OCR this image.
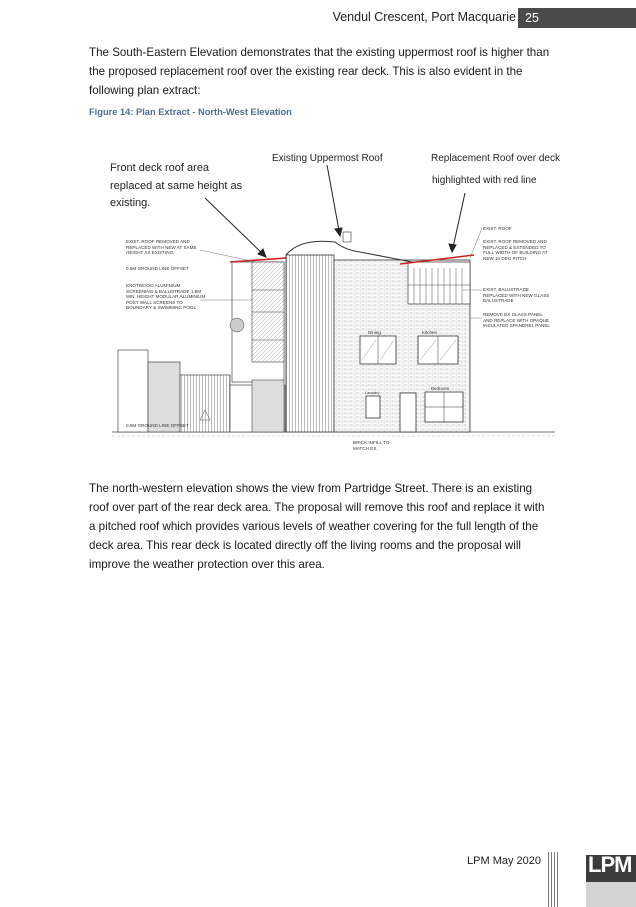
Vendul Crescent, Port Macquarie 25

The South-Eastern Elevation demonstrates that the existing uppermost roof is higher than the proposed replacement roof over the existing rear deck. This is also evident in the following plan extract:

Figure 14: Plan Extract - North-West Elevation
Dining	Kitchen
Laundry
Bedroom
Front deck roof area replaced at same height as existing.
Existing Uppermost Roof	Replacement Roof over deck
highlighted with red line
EXIST. ROOF REMOVED AND REPLACED WITH NEW AT SAME HEIGHT AS EXISTING.
0.5M GROUND LINE OFFSET
KNOTWOOD ALUMINIUM SCREENING & BALUSTRADE 1.8M MIN. HEIGHT MODULAR ALUMINIUM POST WALL SCREENS TO BOUNDARY & SWIMMING POOL
0.5M GROUND LINE OFFSET
EXIST. ROOF
EXIST. ROOF REMOVED AND REPLACED & EXTENDED TO FULL WIDTH OF BUILDING AT NEW 10 DEG PITCH
EXIST. BALUSTRADE REPLACED WITH NEW GLASS BALUSTRADE
REMOVE EX GLASS PANEL AND REPLACE WITH OPAQUE INSULATED SPANDREL PANEL
BRICK INFILL TO MATCH EX.

The north-western elevation shows the view from Partridge Street. There is an existing roof over part of the rear deck area. The proposal will remove this roof and replace it with a pitched roof which provides various levels of weather covering for the full length of the deck area. This rear deck is located directly off the living rooms and the proposal will improve the weather protection over this area.

LPM May 2020 LPM
